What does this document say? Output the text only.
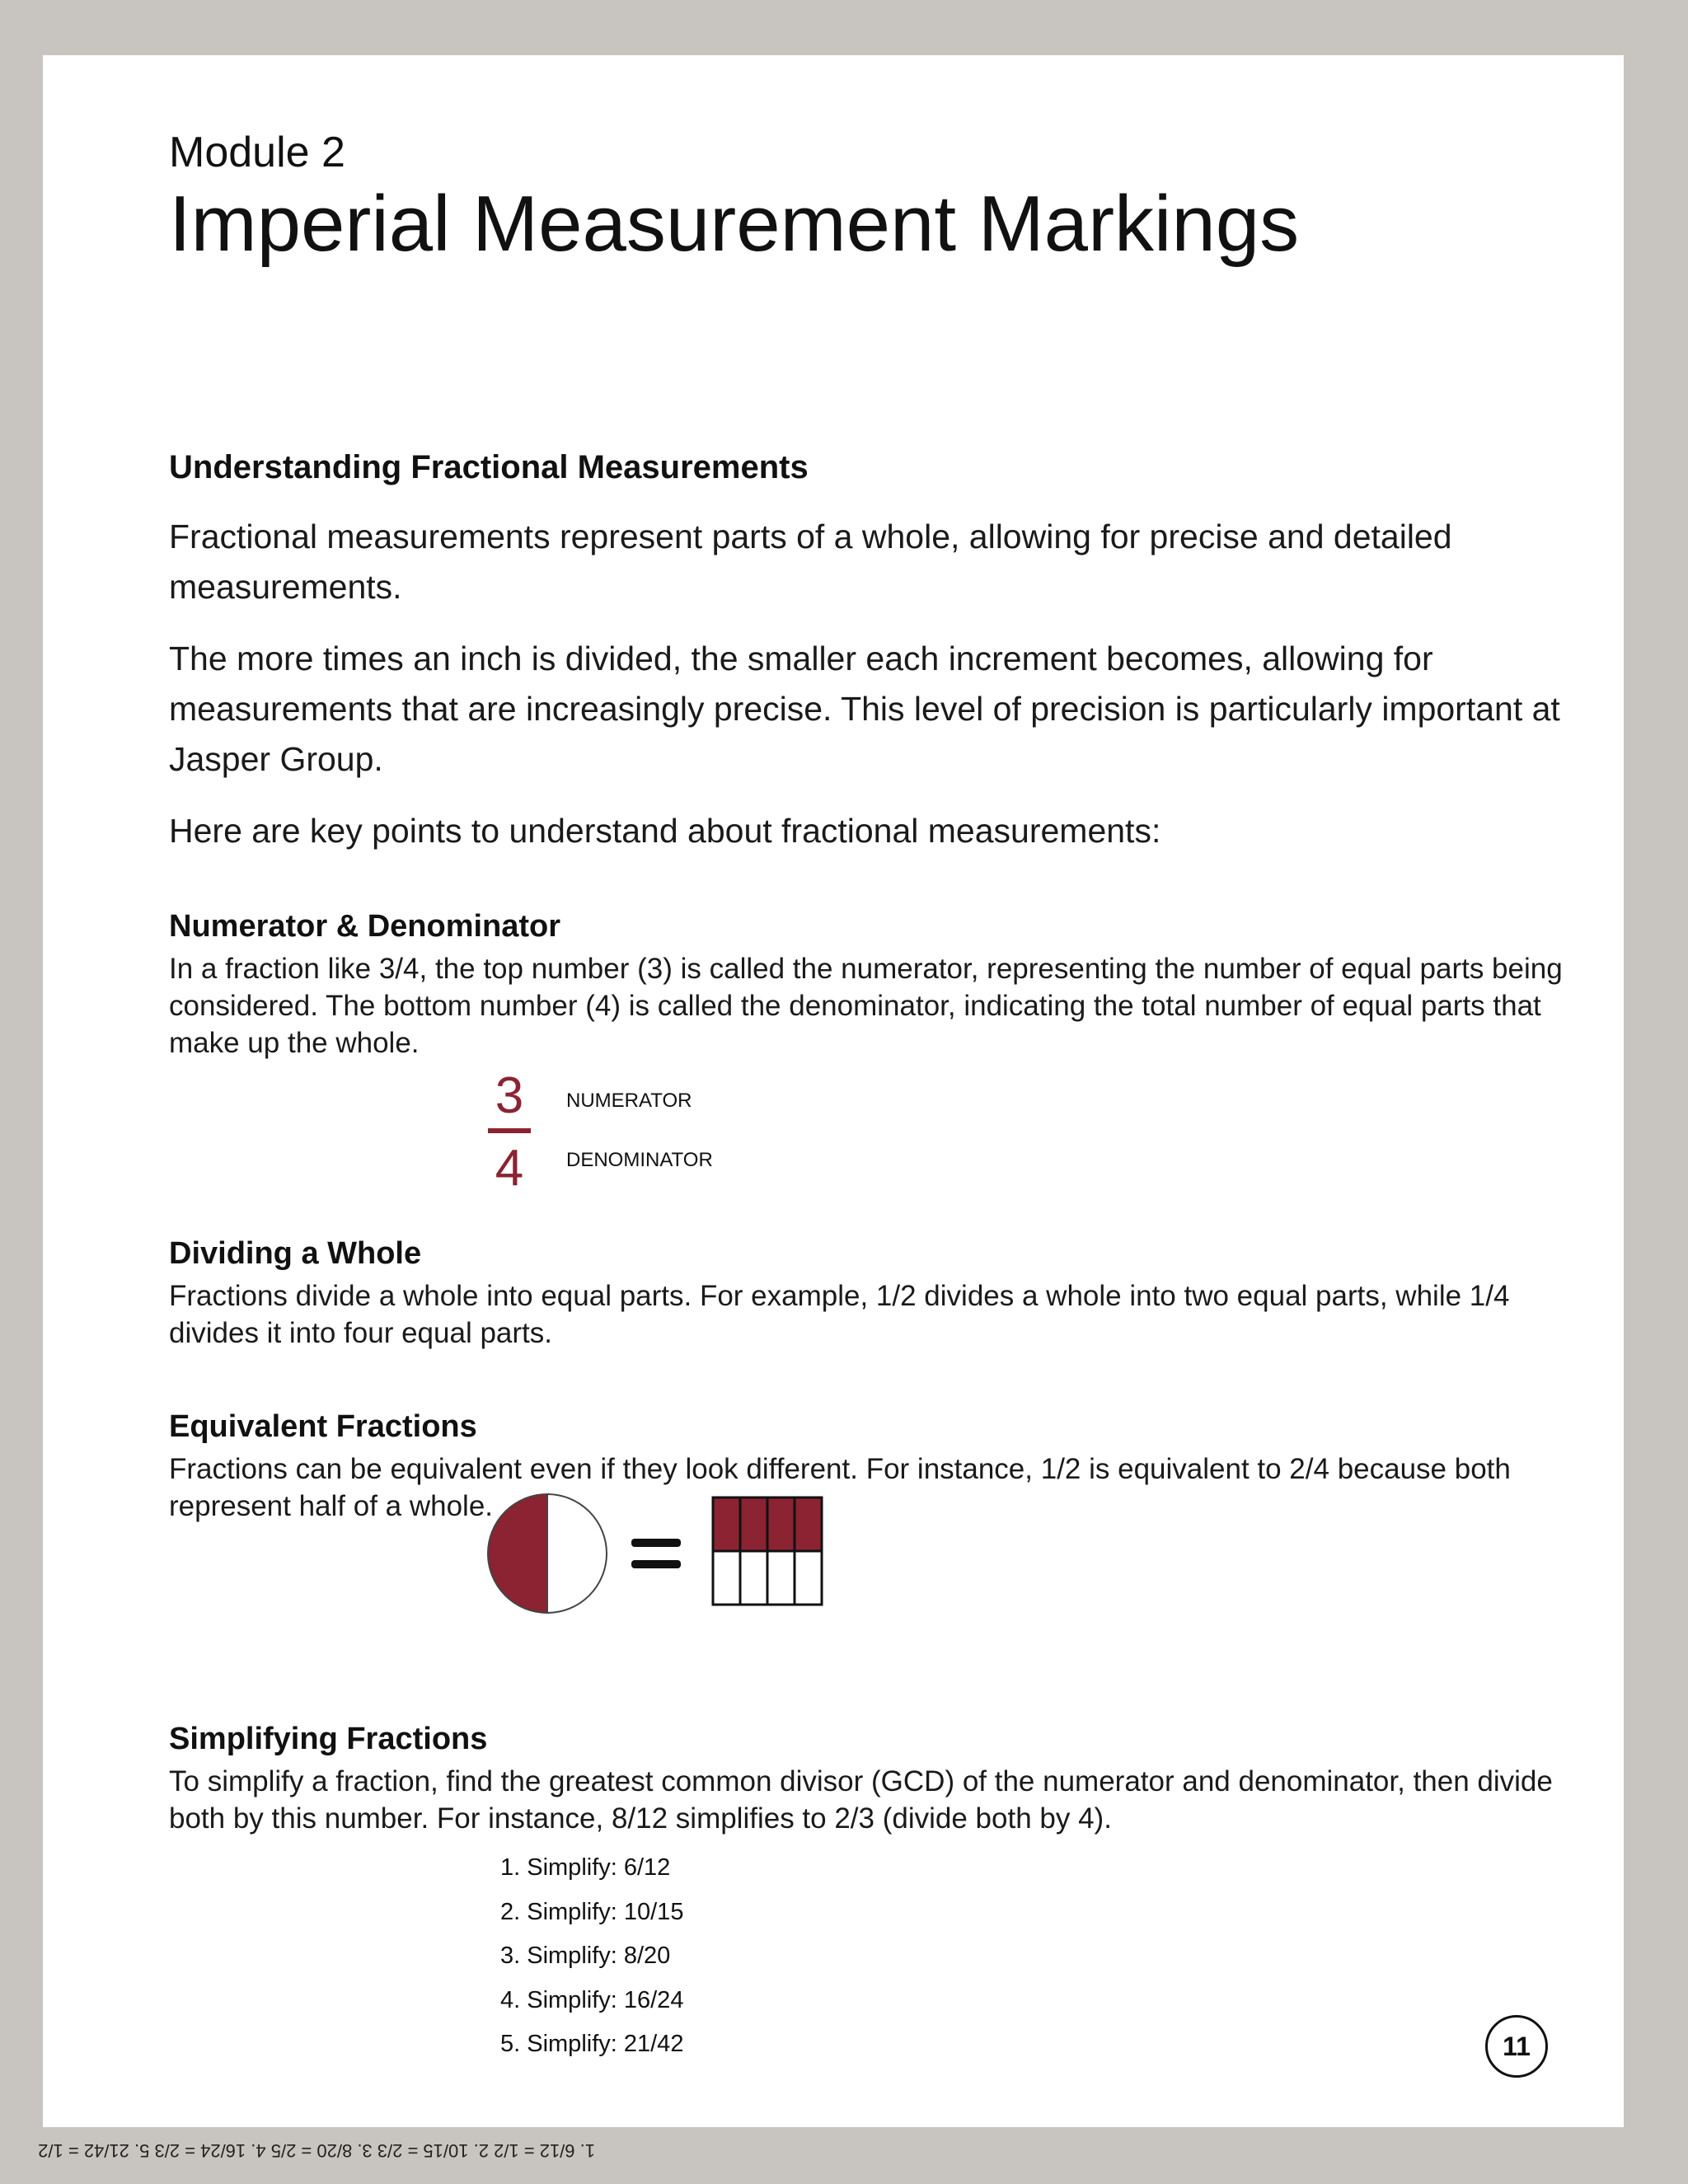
Module 2
Imperial Measurement Markings
Understanding Fractional Measurements

Fractional measurements represent parts of a whole, allowing for precise and detailed measurements.

The more times an inch is divided, the smaller each increment becomes, allowing for measurements that are increasingly precise. This level of precision is particularly important at Jasper Group.

Here are key points to understand about fractional measurements:

Numerator & Denominator

In a fraction like 3/4, the top number (3) is called the numerator, representing the number of equal parts being considered. The bottom number (4) is called the denominator, indicating the total number of equal parts that make up the whole.

Dividing a Whole

Fractions divide a whole into equal parts. For example, 1/2 divides a whole into two equal parts, while 1/4 divides it into four equal parts.

Equivalent Fractions

Fractions can be equivalent even if they look different. For instance, 1/2 is equivalent to 2/4 because both represent half of a whole.

Simplifying Fractions

To simplify a fraction, find the greatest common divisor (GCD) of the numerator and denominator, then divide both by this number. For instance, 8/12 simplifies to 2/3 (divide both by 4).

3
4
NUMERATOR
DENOMINATOR
1. Simplify: 6/12
2. Simplify: 10/15
3. Simplify: 8/20
4. Simplify: 16/24
5. Simplify: 21/42	11
1. 6/12 = 1/2 2. 10/15 = 2/3 3. 8/20 = 2/5 4. 16/24 = 2/3 5. 21/42 = 1/2
